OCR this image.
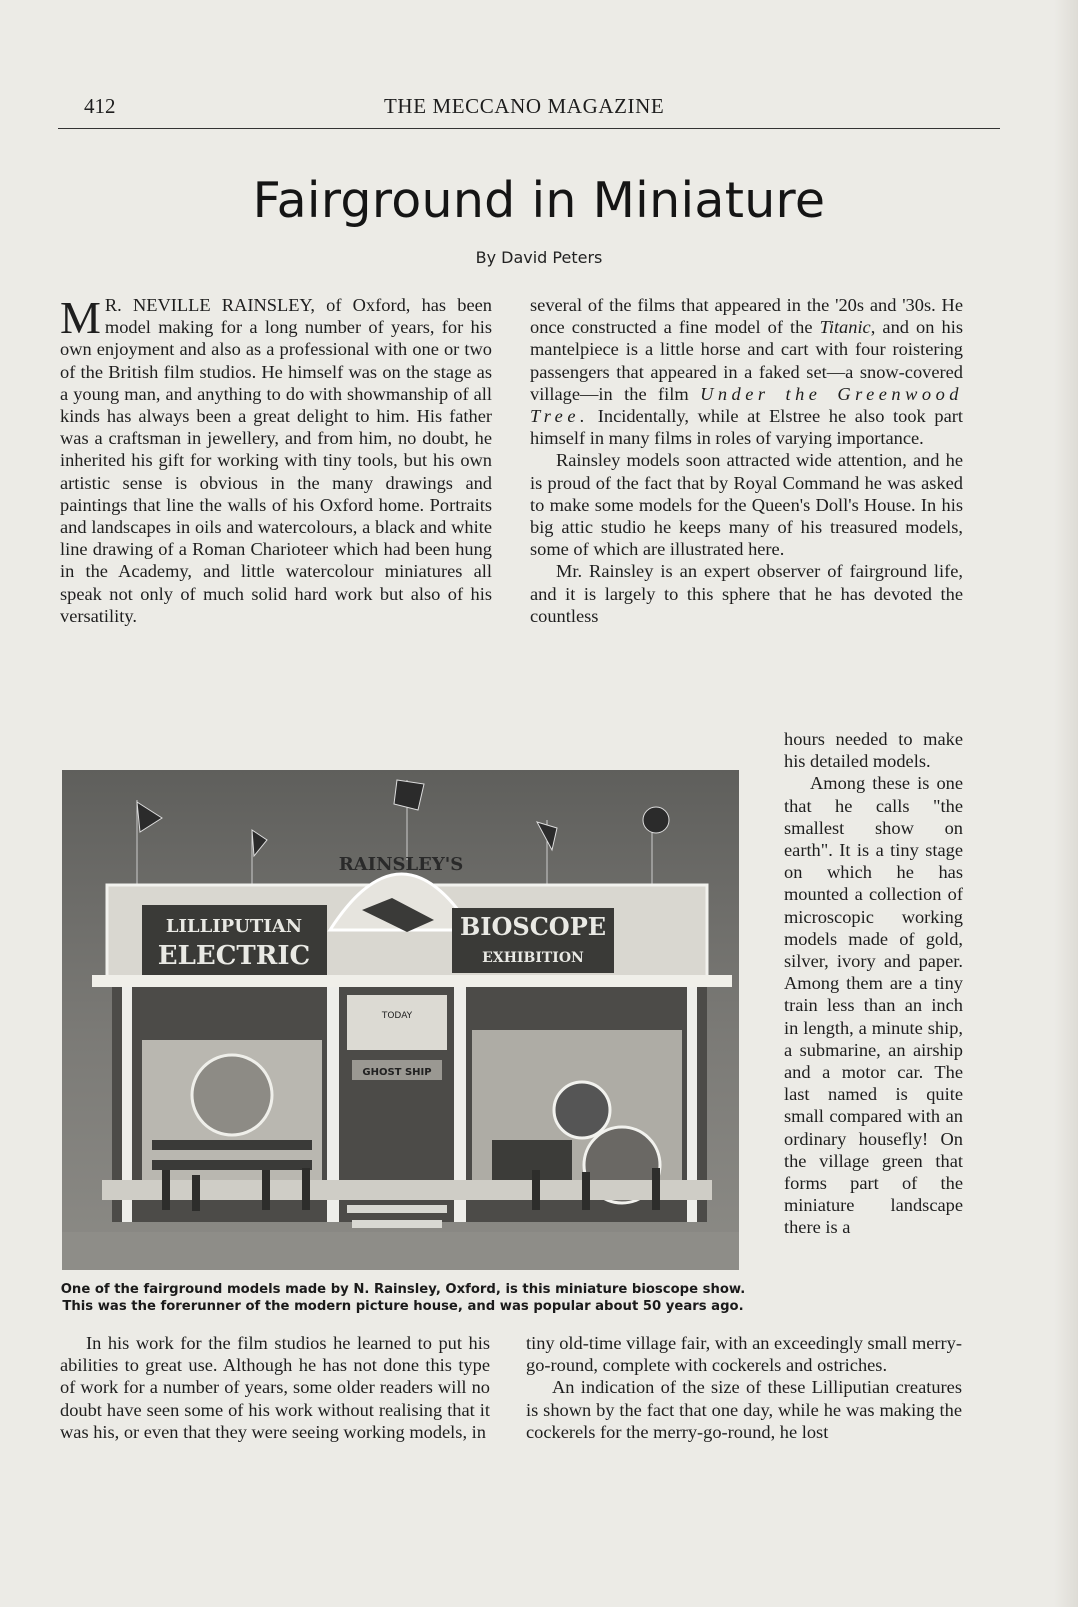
412	THE MECCANO MAGAZINE
Fairground in Miniature
By David Peters

M R. NEVILLE RAINSLEY, of Oxford, has been model making for a long number of years, for his own enjoyment and also as a professional with one or two of the British film studios. He himself was on the stage as a young man, and anything to do with showmanship of all kinds has always been a great delight to him. His father was a craftsman in jewellery, and from him, no doubt, he inherited his gift for working with tiny tools, but his own artistic sense is obvious in the many drawings and paintings that line the walls of his Oxford home. Portraits and landscapes in oils and watercolours, a black and white line drawing of a Roman Charioteer which had been hung in the Academy, and little watercolour miniatures all speak not only of much solid hard work but also of his versatility.

several of the films that appeared in the '20s and '30s. He once constructed a fine model of the Titanic, and on his mantelpiece is a little horse and cart with four roistering passengers that appeared in a faked set—a snow-covered village—in the film Under the Greenwood Tree. Incidentally, while at Elstree he also took part himself in many films in roles of varying importance.

Rainsley models soon attracted wide attention, and he is proud of the fact that by Royal Command he was asked to make some models for the Queen's Doll's House. In his big attic studio he keeps many of his treasured models, some of which are illustrated here.

Mr. Rainsley is an expert observer of fairground life, and it is largely to this sphere that he has devoted the countless

hours needed to make his detailed models.

Among these is one that he calls "the smallest show on earth". It is a tiny stage on which he has mounted a collection of microscopic working models made of gold, silver, ivory and paper. Among them are a tiny train less than an inch in length, a minute ship, a submarine, an airship and a motor car. The last named is quite small compared with an ordinary housefly! On the village green that forms part of the miniature landscape there is a

RAINSLEY'S
LILLIPUTIAN
ELECTRIC
BIOSCOPE
EXHIBITION
TODAY
GHOST SHIP
One of the fairground models made by N. Rainsley, Oxford, is this miniature bioscope show. This was the forerunner of the modern picture house, and was popular about 50 years ago.

In his work for the film studios he learned to put his abilities to great use. Although he has not done this type of work for a number of years, some older readers will no doubt have seen some of his work without realising that it was his, or even that they were seeing working models, in

tiny old-time village fair, with an exceedingly small merry-go-round, complete with cockerels and ostriches.

An indication of the size of these Lilliputian creatures is shown by the fact that one day, while he was making the cockerels for the merry-go-round, he lost
